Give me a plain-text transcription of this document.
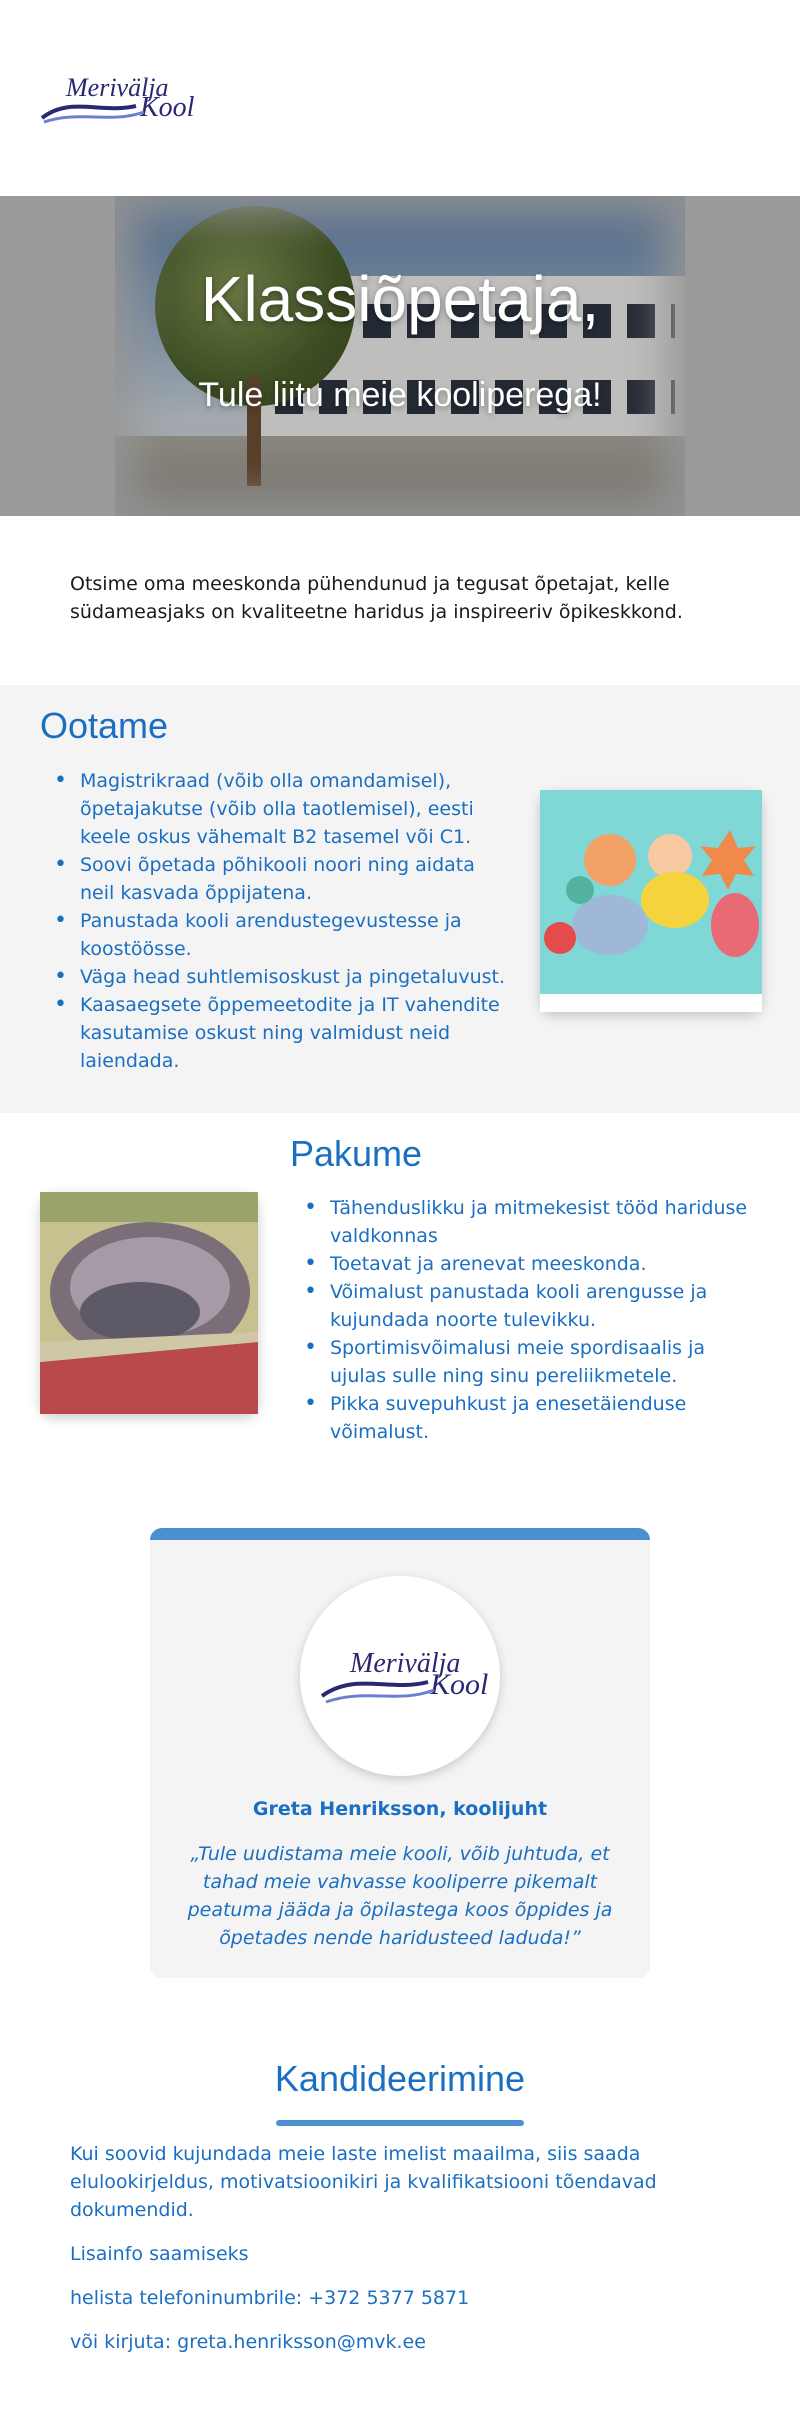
Merivälja
Kool
Klassiõpetaja,
Tule liitu meie kooliperega!

Otsime oma meeskonda pühendunud ja tegusat õpetajat, kelle südameasjaks on kvaliteetne haridus ja inspireeriv õpikeskkond.

Ootame
• Magistrikraad (võib olla omandamisel), õpetajakutse (võib olla taotlemisel), eesti keele oskus vähemalt B2 tasemel või C1.
• Soovi õpetada põhikooli noori ning aidata neil kasvada õppijatena.
• Panustada kooli arendustegevustesse ja koostöösse.
• Väga head suhtlemisoskust ja pingetaluvust.
• Kaasaegsete õppemeetodite ja IT vahendite kasutamise oskust ning valmidust neid laiendada.
Pakume
• Tähenduslikku ja mitmekesist tööd hariduse valdkonnas
• Toetavat ja arenevat meeskonda.
• Võimalust panustada kooli arengusse ja kujundada noorte tulevikku.
• Sportimisvõimalusi meie spordisaalis ja ujulas sulle ning sinu pereliikmetele.
• Pikka suvepuhkust ja enesetäienduse võimalust.
Merivälja
Kool
Greta Henriksson, koolijuht

„Tule uudistama meie kooli, võib juhtuda, et tahad meie vahvasse kooliperre pikemalt peatuma jääda ja õpilastega koos õppides ja õpetades nende haridusteed laduda!”

Kandideerimine

Kui soovid kujundada meie laste imelist maailma, siis saada elulookirjeldus, motivatsioonikiri ja kvalifikatsiooni tõendavad dokumendid.

Lisainfo saamiseks

helista telefoninumbrile: +372 5377 5871

või kirjuta: greta.henriksson@mvk.ee
